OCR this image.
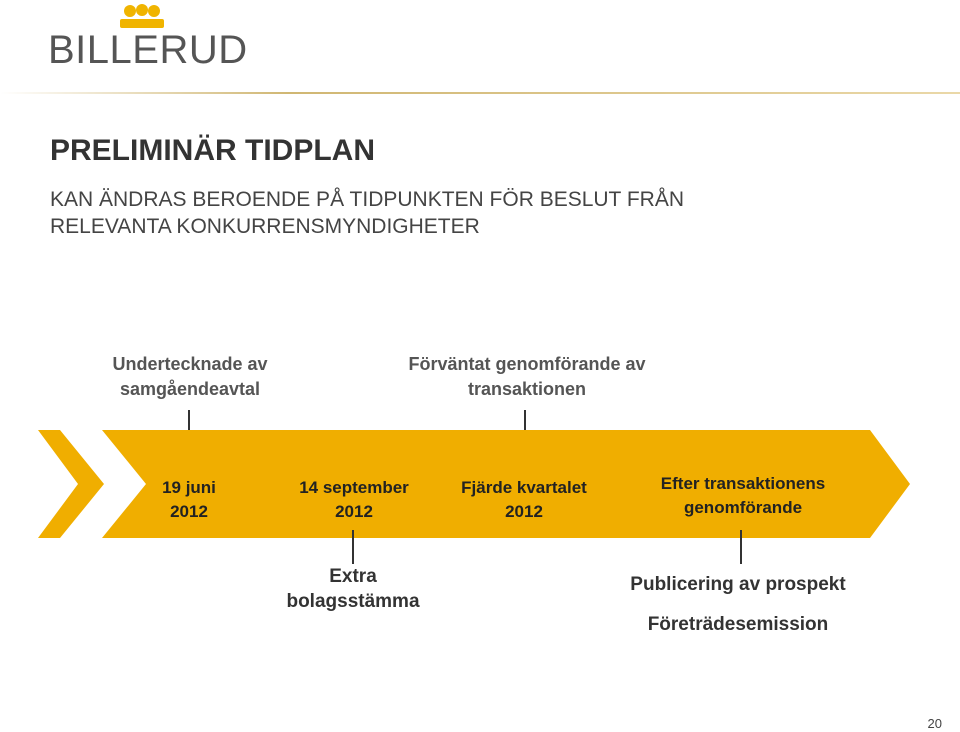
BILLERUD
PRELIMINÄR TIDPLAN
KAN ÄNDRAS BEROENDE PÅ TIDPUNKTEN FÖR BESLUT FRÅN
RELEVANTA KONKURRENSMYNDIGHETER
Undertecknade av
samgåendeavtal
Förväntat genomförande av
transaktionen
19 juni
2012
14 september
2012
Fjärde kvartalet
2012
Efter transaktionens
genomförande
Extra
bolagsstämma
Publicering av prospekt
Företrädesemission
20
